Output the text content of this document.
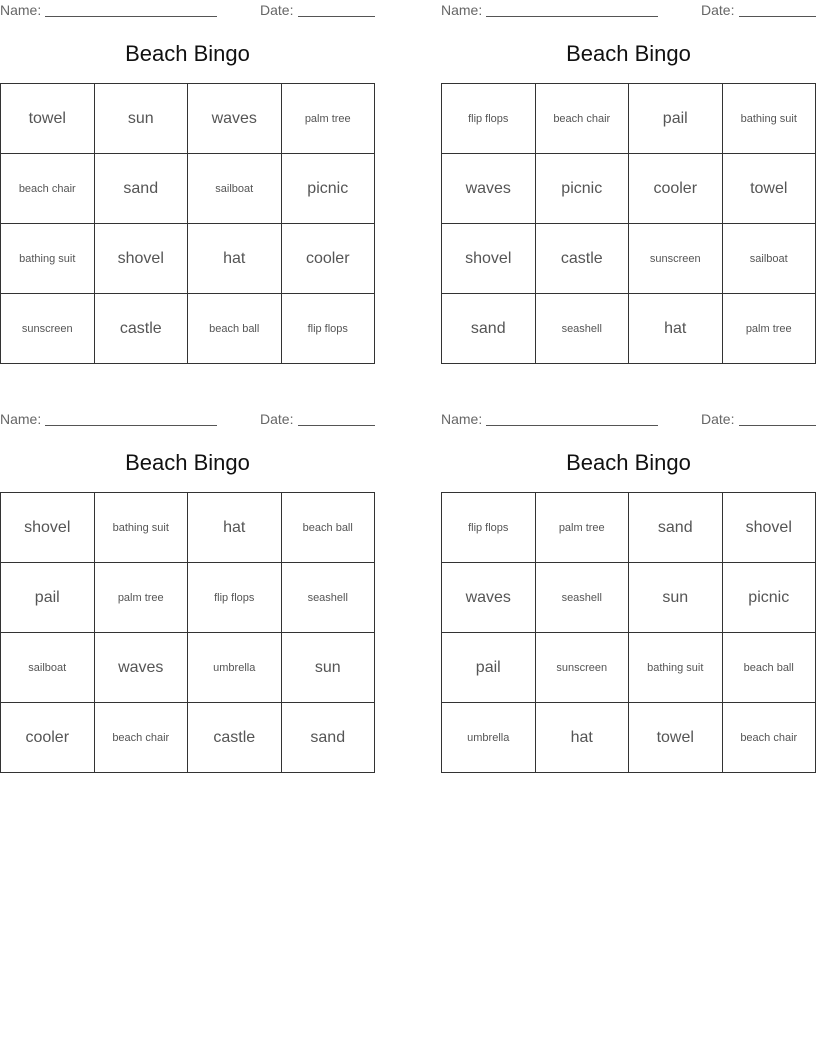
Name:	Date:
Beach Bingo
towel	sun	waves	palm tree
beach chair	sand	sailboat	picnic
bathing suit	shovel	hat	cooler
sunscreen	castle	beach ball	flip flops
Name:	Date:
Beach Bingo
flip flops	beach chair	pail	bathing suit
waves	picnic	cooler	towel
shovel	castle	sunscreen	sailboat
sand	seashell	hat	palm tree
Name:	Date:
Beach Bingo
shovel	bathing suit	hat	beach ball
pail	palm tree	flip flops	seashell
sailboat	waves	umbrella	sun
cooler	beach chair	castle	sand
Name:	Date:
Beach Bingo
flip flops	palm tree	sand	shovel
waves	seashell	sun	picnic
pail	sunscreen	bathing suit	beach ball
umbrella	hat	towel	beach chair
